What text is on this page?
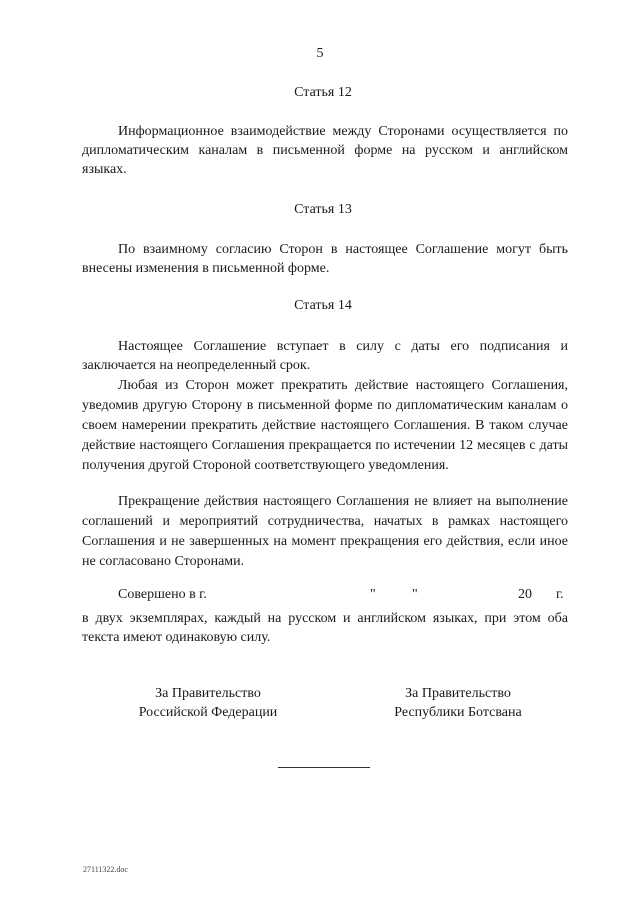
5
Статья 12

Информационное взаимодействие между Сторонами осуществляется по дипломатическим каналам в письменной форме на русском и английском языках.

Статья 13

По взаимному согласию Сторон в настоящее Соглашение могут быть внесены изменения в письменной форме.

Статья 14

Настоящее Соглашение вступает в силу с даты его подписания и заключается на неопределенный срок.

Любая из Сторон может прекратить действие настоящего Соглашения, уведомив другую Сторону в письменной форме по дипломатическим каналам о своем намерении прекратить действие настоящего Соглашения. В таком случае действие настоящего Соглашения прекращается по истечении 12 месяцев с даты получения другой Стороной соответствующего уведомления.

Прекращение действия настоящего Соглашения не влияет на выполнение соглашений и мероприятий сотрудничества, начатых в рамках настоящего Соглашения и не завершенных на момент прекращения его действия, если иное не согласовано Сторонами.

Совершено в г.	"	"	20 г.

в двух экземплярах, каждый на русском и английском языках, при этом оба текста имеют одинаковую силу.

За Правительство
Российской Федерации
За Правительство
Республики Ботсвана
27111322.doc
